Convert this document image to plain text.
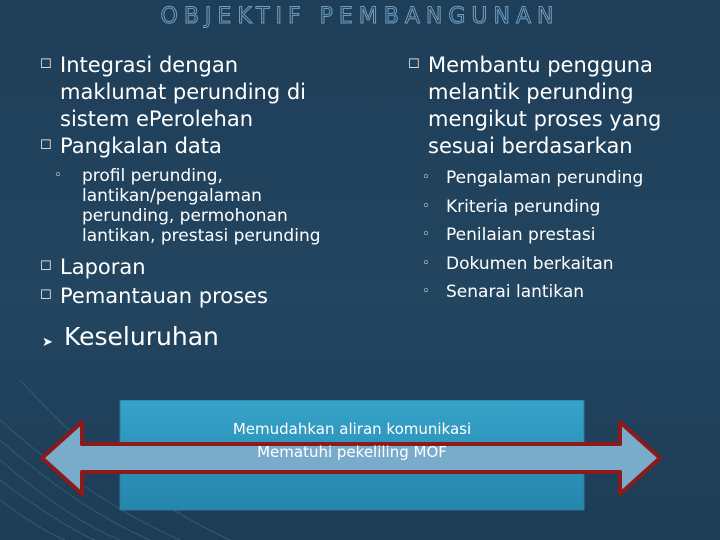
OBJEKTIF PEMBANGUNAN
☐ Integrasi dengan maklumat perunding di sistem ePerolehan
☐ Pangkalan data
◦ profil perunding, lantikan/pengalaman perunding, permohonan lantikan, prestasi perunding
☐ Laporan
☐ Pemantauan proses
➤ Keseluruhan
☐ Membantu pengguna melantik perunding mengikut proses yang sesuai berdasarkan
◦ Pengalaman perunding
◦ Kriteria perunding
◦ Penilaian prestasi
◦ Dokumen berkaitan
◦ Senarai lantikan
Memudahkan aliran komunikasi
Mematuhi pekeliling MOF
